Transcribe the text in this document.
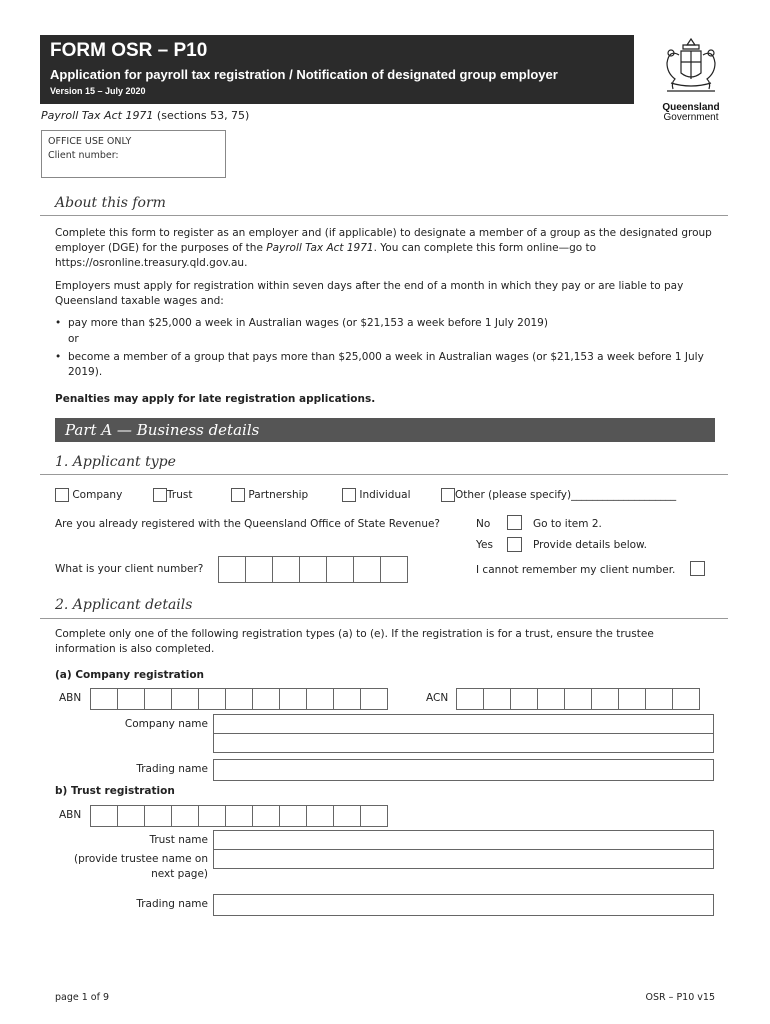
FORM OSR – P10
Application for payroll tax registration / Notification of designated group employer
Version 15 – July 2020
Queensland
Government
Payroll Tax Act 1971 (sections 53, 75)
OFFICE USE ONLY
Client number:
About this form
Complete this form to register as an employer and (if applicable) to designate a member of a group as the designated group employer (DGE) for the purposes of the Payroll Tax Act 1971. You can complete this form online—go to https://osronline.treasury.qld.gov.au.
Employers must apply for registration within seven days after the end of a month in which they pay or are liable to pay Queensland taxable wages and:
• pay more than $25,000 a week in Australian wages (or $21,153 a week before 1 July 2019)
or
• become a member of a group that pays more than $25,000 a week in Australian wages (or $21,153 a week before 1 July 2019).
Penalties may apply for late registration applications.
Part A — Business details
1. Applicant type
Company	Trust	Partnership	Individual	Other (please specify)____________________
Are you already registered with the Queensland Office of State Revenue?	No	Go to item 2.
Yes	Provide details below.
What is your client number?	I cannot remember my client number.
2. Applicant details
Complete only one of the following registration types (a) to (e). If the registration is for a trust, ensure the trustee information is also completed.
(a) Company registration
ABN	ACN
Company name
Trading name
b) Trust registration
ABN
Trust name
(provide trustee name on next page)
Trading name
page 1 of 9	OSR – P10 v15
